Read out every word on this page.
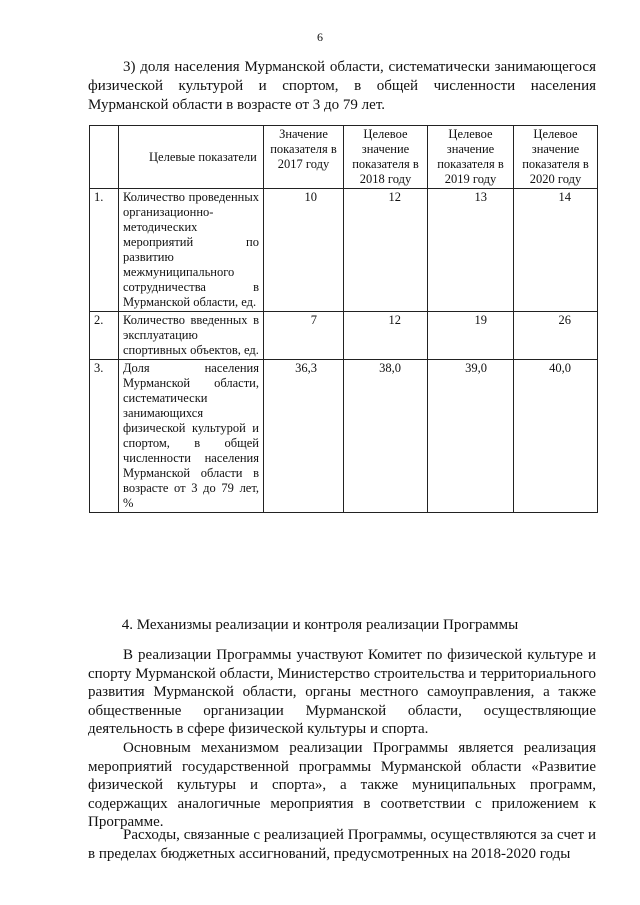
6

3) доля населения Мурманской области, систематически занимающегося физической культурой и спортом, в общей численности населения Мурманской области в возрасте от 3 до 79 лет.

	Целевые показатели	Значение показателя в 2017 году	Целевое значение показателя в 2018 году	Целевое значение показателя в 2019 году	Целевое значение показателя в 2020 году
1.	Количество проведенных организационно-методических мероприятий по развитию межмуниципального сотрудничества в Мурманской области, ед.	10	12	13	14
2.	Количество введенных в эксплуатацию спортивных объектов, ед.	7	12	19	26
3.	Доля населения Мурманской области, систематически занимающихся физической культурой и спортом, в общей численности населения Мурманской области в возрасте от 3 до 79 лет, %	36,3	38,0	39,0	40,0
4. Механизмы реализации и контроля реализации Программы

В реализации Программы участвуют Комитет по физической культуре и спорту Мурманской области, Министерство строительства и территориального развития Мурманской области, органы местного самоуправления, а также общественные организации Мурманской области, осуществляющие деятельность в сфере физической культуры и спорта.

Основным механизмом реализации Программы является реализация мероприятий государственной программы Мурманской области «Развитие физической культуры и спорта», а также муниципальных программ, содержащих аналогичные мероприятия в соответствии с приложением к Программе.

Расходы, связанные с реализацией Программы, осуществляются за счет и в пределах бюджетных ассигнований, предусмотренных на 2018-2020 годы
